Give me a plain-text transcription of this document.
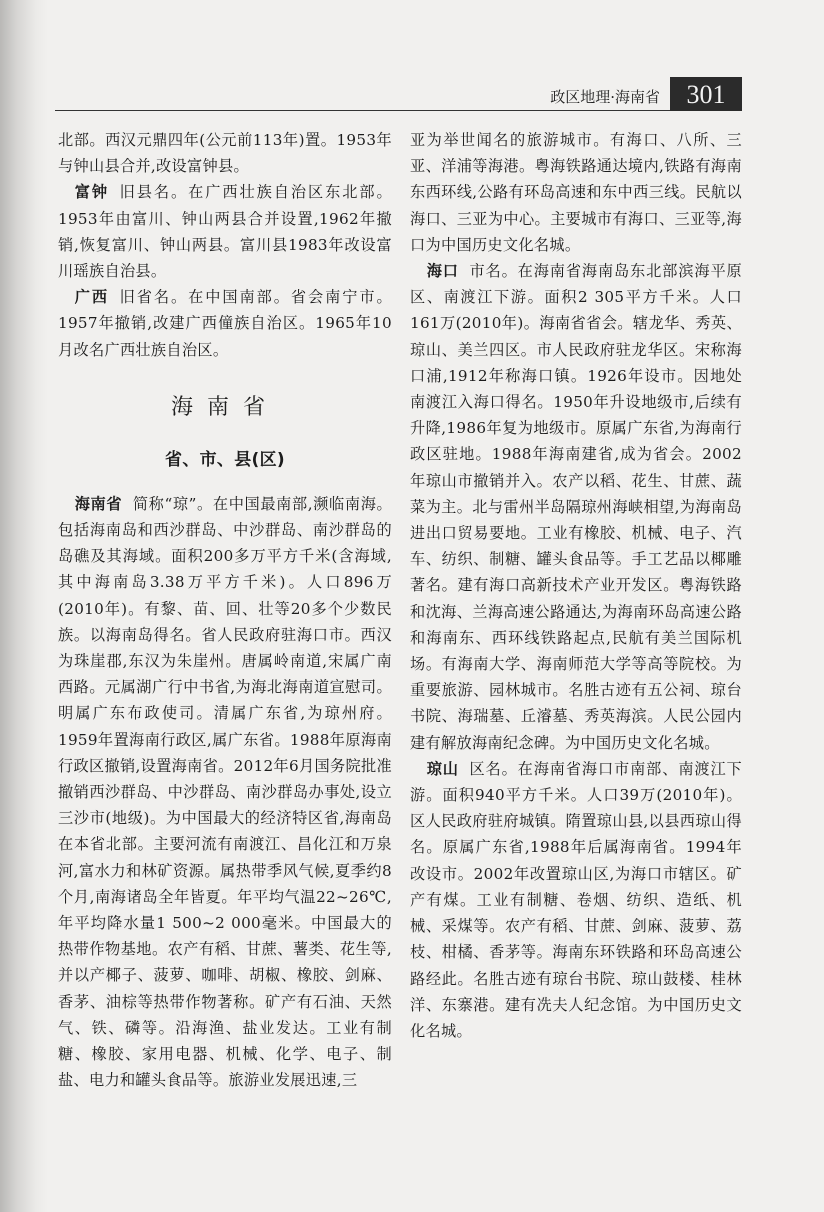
政区地理·海南省	301

北部。西汉元鼎四年(公元前113年)置。1953年与钟山县合并,改设富钟县。

富钟 旧县名。在广西壮族自治区东北部。1953年由富川、钟山两县合并设置,1962年撤销,恢复富川、钟山两县。富川县1983年改设富川瑶族自治县。

广西 旧省名。在中国南部。省会南宁市。1957年撤销,改建广西僮族自治区。1965年10月改名广西壮族自治区。

海南省
省、市、县(区)

海南省 简称“琼”。在中国最南部,濒临南海。包括海南岛和西沙群岛、中沙群岛、南沙群岛的岛礁及其海域。面积200多万平方千米(含海域,其中海南岛3.38万平方千米)。人口896万(2010年)。有黎、苗、回、壮等20多个少数民族。以海南岛得名。省人民政府驻海口市。西汉为珠崖郡,东汉为朱崖州。唐属岭南道,宋属广南西路。元属湖广行中书省,为海北海南道宣慰司。明属广东布政使司。清属广东省,为琼州府。1959年置海南行政区,属广东省。1988年原海南行政区撤销,设置海南省。2012年6月国务院批准撤销西沙群岛、中沙群岛、南沙群岛办事处,设立三沙市(地级)。为中国最大的经济特区省,海南岛在本省北部。主要河流有南渡江、昌化江和万泉河,富水力和林矿资源。属热带季风气候,夏季约8个月,南海诸岛全年皆夏。年平均气温22~26℃,年平均降水量1 500~2 000毫米。中国最大的热带作物基地。农产有稻、甘蔗、薯类、花生等,并以产椰子、菠萝、咖啡、胡椒、橡胶、剑麻、香茅、油棕等热带作物著称。矿产有石油、天然气、铁、磷等。沿海渔、盐业发达。工业有制糖、橡胶、家用电器、机械、化学、电子、制盐、电力和罐头食品等。旅游业发展迅速,三

亚为举世闻名的旅游城市。有海口、八所、三亚、洋浦等海港。粤海铁路通达境内,铁路有海南东西环线,公路有环岛高速和东中西三线。民航以海口、三亚为中心。主要城市有海口、三亚等,海口为中国历史文化名城。

海口 市名。在海南省海南岛东北部滨海平原区、南渡江下游。面积2 305平方千米。人口161万(2010年)。海南省省会。辖龙华、秀英、琼山、美兰四区。市人民政府驻龙华区。宋称海口浦,1912年称海口镇。1926年设市。因地处南渡江入海口得名。1950年升设地级市,后续有升降,1986年复为地级市。原属广东省,为海南行政区驻地。1988年海南建省,成为省会。2002年琼山市撤销并入。农产以稻、花生、甘蔗、蔬菜为主。北与雷州半岛隔琼州海峡相望,为海南岛进出口贸易要地。工业有橡胶、机械、电子、汽车、纺织、制糖、罐头食品等。手工艺品以椰雕著名。建有海口高新技术产业开发区。粤海铁路和沈海、兰海高速公路通达,为海南环岛高速公路和海南东、西环线铁路起点,民航有美兰国际机场。有海南大学、海南师范大学等高等院校。为重要旅游、园林城市。名胜古迹有五公祠、琼台书院、海瑞墓、丘濬墓、秀英海滨。人民公园内建有解放海南纪念碑。为中国历史文化名城。

琼山 区名。在海南省海口市南部、南渡江下游。面积940平方千米。人口39万(2010年)。区人民政府驻府城镇。隋置琼山县,以县西琼山得名。原属广东省,1988年后属海南省。1994年改设市。2002年改置琼山区,为海口市辖区。矿产有煤。工业有制糖、卷烟、纺织、造纸、机械、采煤等。农产有稻、甘蔗、剑麻、菠萝、荔枝、柑橘、香茅等。海南东环铁路和环岛高速公路经此。名胜古迹有琼台书院、琼山鼓楼、桂林洋、东寨港。建有冼夫人纪念馆。为中国历史文化名城。
